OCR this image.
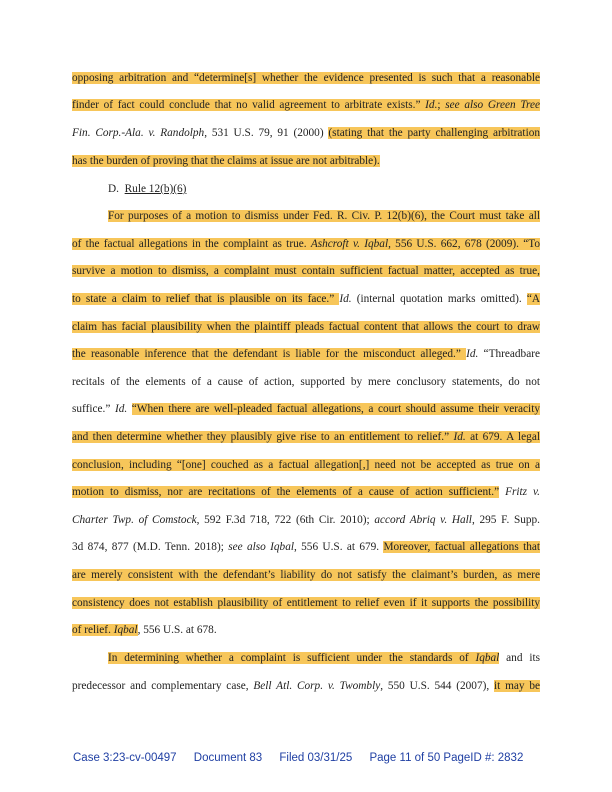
opposing arbitration and “determine[s] whether the evidence presented is such that a reasonable
finder of fact could conclude that no valid agreement to arbitrate exists.” Id.; see also Green Tree
Fin. Corp.-Ala. v. Randolph, 531 U.S. 79, 91 (2000) (stating that the party challenging arbitration
has the burden of proving that the claims at issue are not arbitrable).
D.  Rule 12(b)(6)
For purposes of a motion to dismiss under Fed. R. Civ. P. 12(b)(6), the Court must take all
of the factual allegations in the complaint as true. Ashcroft v. Iqbal, 556 U.S. 662, 678 (2009). “To
survive a motion to dismiss, a complaint must contain sufficient factual matter, accepted as true,
to state a claim to relief that is plausible on its face.” Id. (internal quotation marks omitted). “A
claim has facial plausibility when the plaintiff pleads factual content that allows the court to draw
the reasonable inference that the defendant is liable for the misconduct alleged.” Id. “Threadbare
recitals of the elements of a cause of action, supported by mere conclusory statements, do not
suffice.” Id. “When there are well-pleaded factual allegations, a court should assume their veracity
and then determine whether they plausibly give rise to an entitlement to relief.” Id. at 679. A legal
conclusion, including “[one] couched as a factual allegation[,] need not be accepted as true on a
motion to dismiss, nor are recitations of the elements of a cause of action sufficient.” Fritz v.
Charter Twp. of Comstock, 592 F.3d 718, 722 (6th Cir. 2010); accord Abriq v. Hall, 295 F. Supp.
3d 874, 877 (M.D. Tenn. 2018); see also Iqbal, 556 U.S. at 679. Moreover, factual allegations that
are merely consistent with the defendant’s liability do not satisfy the claimant’s burden, as mere
consistency does not establish plausibility of entitlement to relief even if it supports the possibility
of relief. Iqbal, 556 U.S. at 678.
In determining whether a complaint is sufficient under the standards of Iqbal and its
predecessor and complementary case, Bell Atl. Corp. v. Twombly, 550 U.S. 544 (2007), it may be
Case 3:23-cv-00497 Document 83 Filed 03/31/25 Page 11 of 50 PageID #: 2832
